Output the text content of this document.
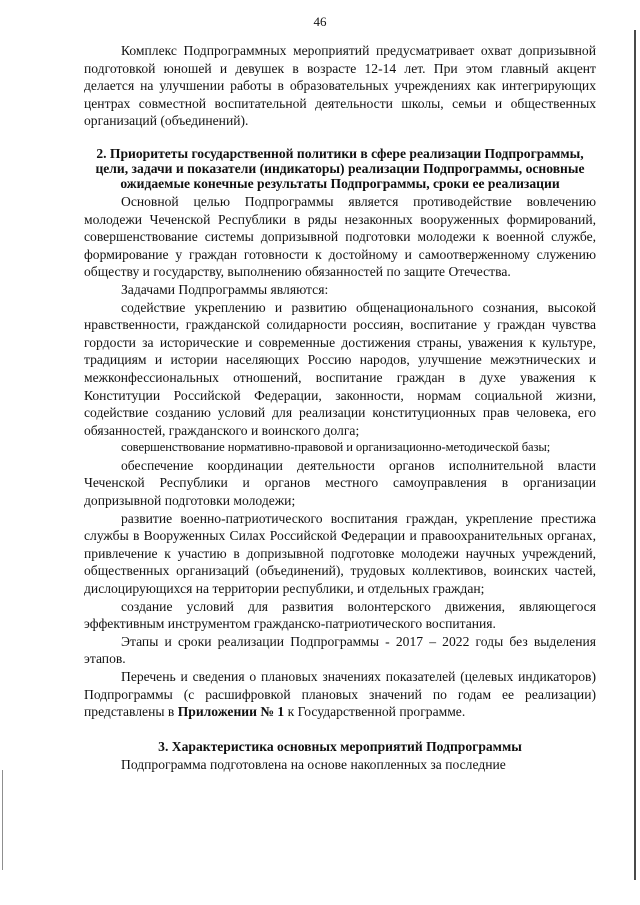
46

Комплекс Подпрограммных мероприятий предусматривает охват допризывной подготовкой юношей и девушек в возрасте 12-14 лет. При этом главный акцент делается на улучшении работы в образовательных учреждениях как интегрирующих центрах совместной воспитательной деятельности школы, семьи и общественных организаций (объединений).

2. Приоритеты государственной политики в сфере реализации Подпрограммы, цели, задачи и показатели (индикаторы) реализации Подпрограммы, основные ожидаемые конечные результаты Подпрограммы, сроки ее реализации

Основной целью Подпрограммы является противодействие вовлечению молодежи Чеченской Республики в ряды незаконных вооруженных формирований, совершенствование системы допризывной подготовки молодежи к военной службе, формирование у граждан готовности к достойному и самоотверженному служению обществу и государству, выполнению обязанностей по защите Отечества.

Задачами Подпрограммы являются:

содействие укреплению и развитию общенационального сознания, высокой нравственности, гражданской солидарности россиян, воспитание у граждан чувства гордости за исторические и современные достижения страны, уважения к культуре, традициям и истории населяющих Россию народов, улучшение межэтнических и межконфессиональных отношений, воспитание граждан в духе уважения к Конституции Российской Федерации, законности, нормам социальной жизни, содействие созданию условий для реализации конституционных прав человека, его обязанностей, гражданского и воинского долга;

совершенствование нормативно-правовой и организационно-методической базы;

обеспечение координации деятельности органов исполнительной власти Чеченской Республики и органов местного самоуправления в организации допризывной подготовки молодежи;

развитие военно-патриотического воспитания граждан, укрепление престижа службы в Вооруженных Силах Российской Федерации и правоохранительных органах, привлечение к участию в допризывной подготовке молодежи научных учреждений, общественных организаций (объединений), трудовых коллективов, воинских частей, дислоцирующихся на территории республики, и отдельных граждан;

создание условий для развития волонтерского движения, являющегося эффективным инструментом гражданско-патриотического воспитания.

Этапы и сроки реализации Подпрограммы - 2017 – 2022 годы без выделения этапов.

Перечень и сведения о плановых значениях показателей (целевых индикаторов) Подпрограммы (с расшифровкой плановых значений по годам ее реализации) представлены в Приложении № 1 к Государственной программе.

3. Характеристика основных мероприятий Подпрограммы

Подпрограмма подготовлена на основе накопленных за последние
